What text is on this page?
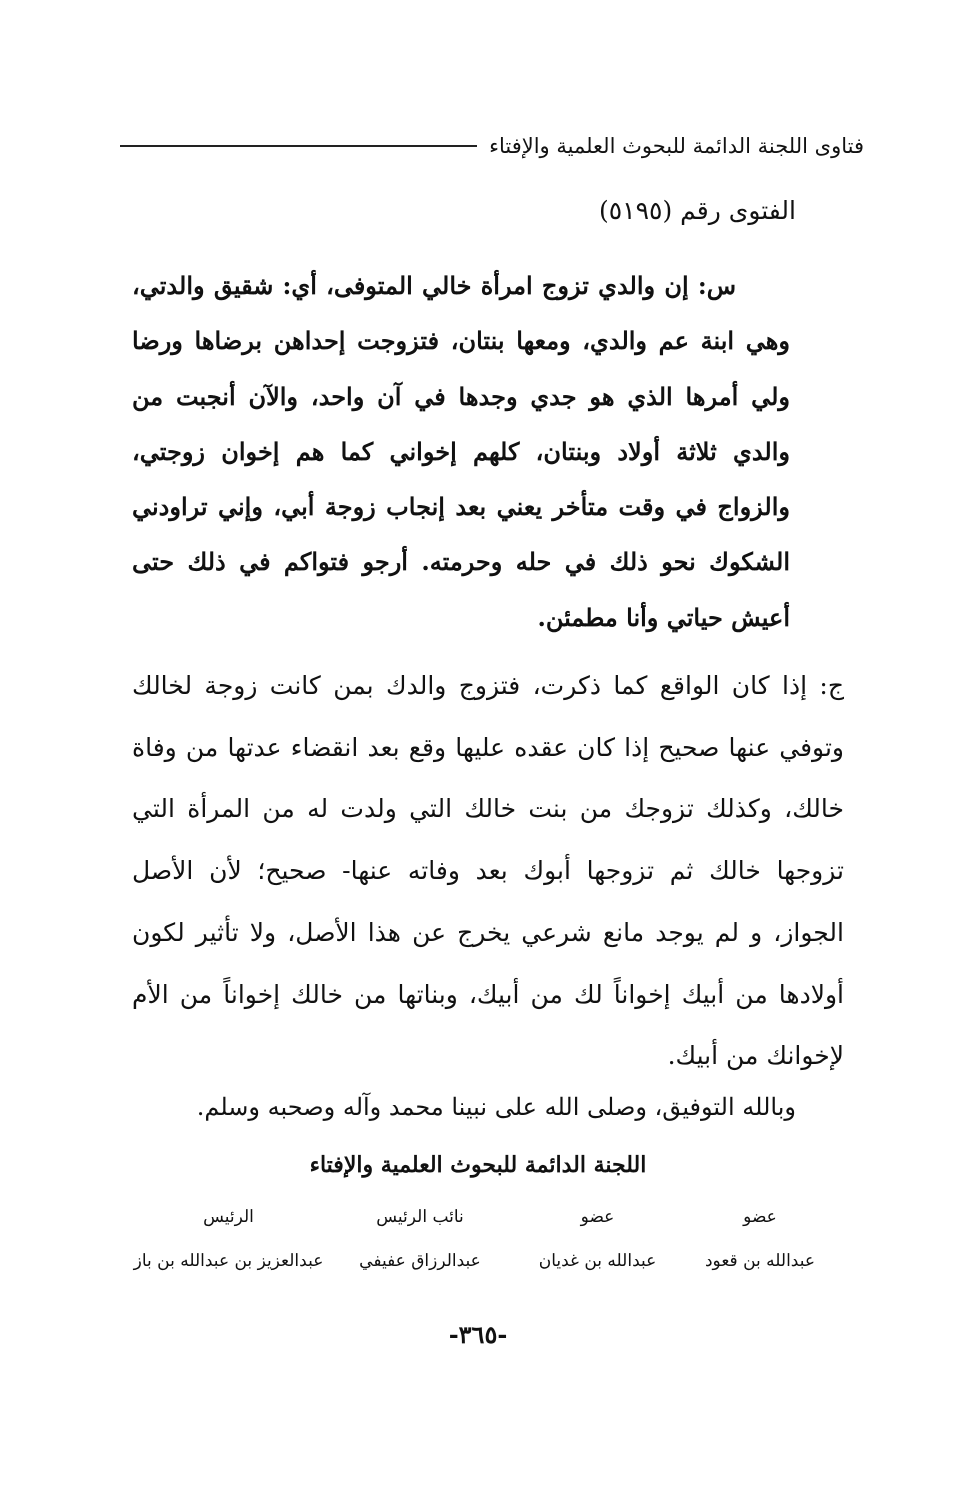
فتاوى اللجنة الدائمة للبحوث العلمية والإفتاء
الفتوى رقم (٥١٩٥)
س: إن والدي تزوج امرأة خالي المتوفى، أي: شقيق والدتي، وهي ابنة عم والدي، ومعها بنتان، فتزوجت إحداهن برضاها ورضا ولي أمرها الذي هو جدي وجدها في آن واحد، والآن أنجبت من والدي ثلاثة أولاد وبنتان، كلهم إخواني كما هم إخوان زوجتي، والزواج في وقت متأخر يعني بعد إنجاب زوجة أبي، وإني تراودني الشكوك نحو ذلك في حله وحرمته. أرجو فتواكم في ذلك حتى أعيش حياتي وأنا مطمئن.
ج: إذا كان الواقع كما ذكرت، فتزوج والدك بمن كانت زوجة لخالك وتوفي عنها صحيح إذا كان عقده عليها وقع بعد انقضاء عدتها من وفاة خالك، وكذلك تزوجك من بنت خالك التي ولدت له من المرأة التي تزوجها خالك ثم تزوجها أبوك بعد وفاته عنها- صحيح؛ لأن الأصل الجواز، و لم يوجد مانع شرعي يخرج عن هذا الأصل، ولا تأثير لكون أولادها من أبيك إخواناً لك من أبيك، وبناتها من خالك إخواناً من الأم لإخوانك من أبيك.
وبالله التوفيق، وصلى الله على نبينا محمد وآله وصحبه وسلم.
اللجنة الدائمة للبحوث العلمية والإفتاء
عضو
عبدالله بن قعود
عضو
عبدالله بن غديان
نائب الرئيس
عبدالرزاق عفيفي
الرئيس
عبدالعزيز بن عبدالله بن باز
-٣٦٥-
